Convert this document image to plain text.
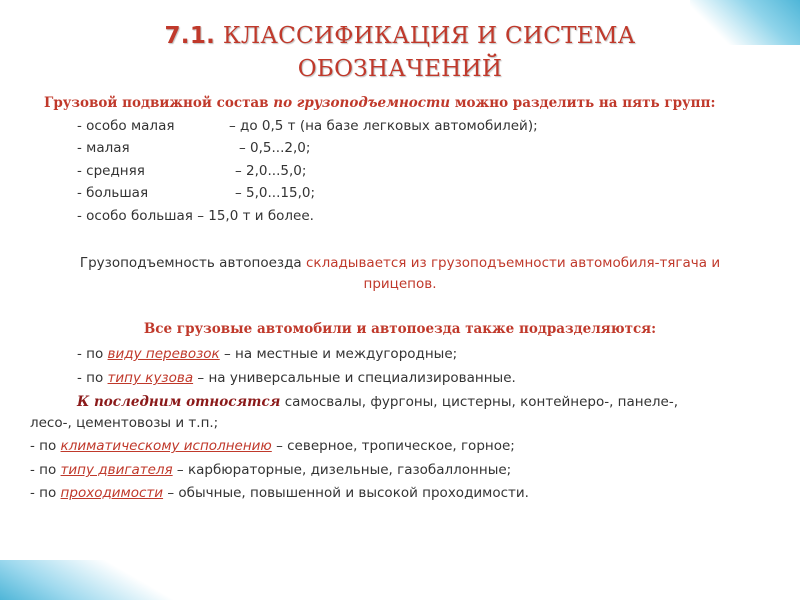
7.1. КЛАССИФИКАЦИЯ И СИСТЕМА
ОБОЗНАЧЕНИЙ
Грузовой подвижной состав по грузоподъемности можно разделить на пять групп:
- особо малая	– до 0,5 т (на базе легковых автомобилей);
- малая	– 0,5...2,0;
- средняя	– 2,0...5,0;
- большая	– 5,0...15,0;
- особо большая – 15,0 т и более.
Грузоподъемность автопоезда складывается из грузоподъемности автомобиля-тягача и
прицепов.
Все грузовые автомобили и автопоезда также подразделяются:
- по виду перевозок – на местные и междугородные;
- по типу кузова – на универсальные и специализированные.
К последним относятся самосвалы, фургоны, цистерны, контейнеро-, панеле-,
лесо-, цементовозы и т.п.;
- по климатическому исполнению – северное, тропическое, горное;
- по типу двигателя – карбюраторные, дизельные, газобаллонные;
- по проходимости – обычные, повышенной и высокой проходимости.
